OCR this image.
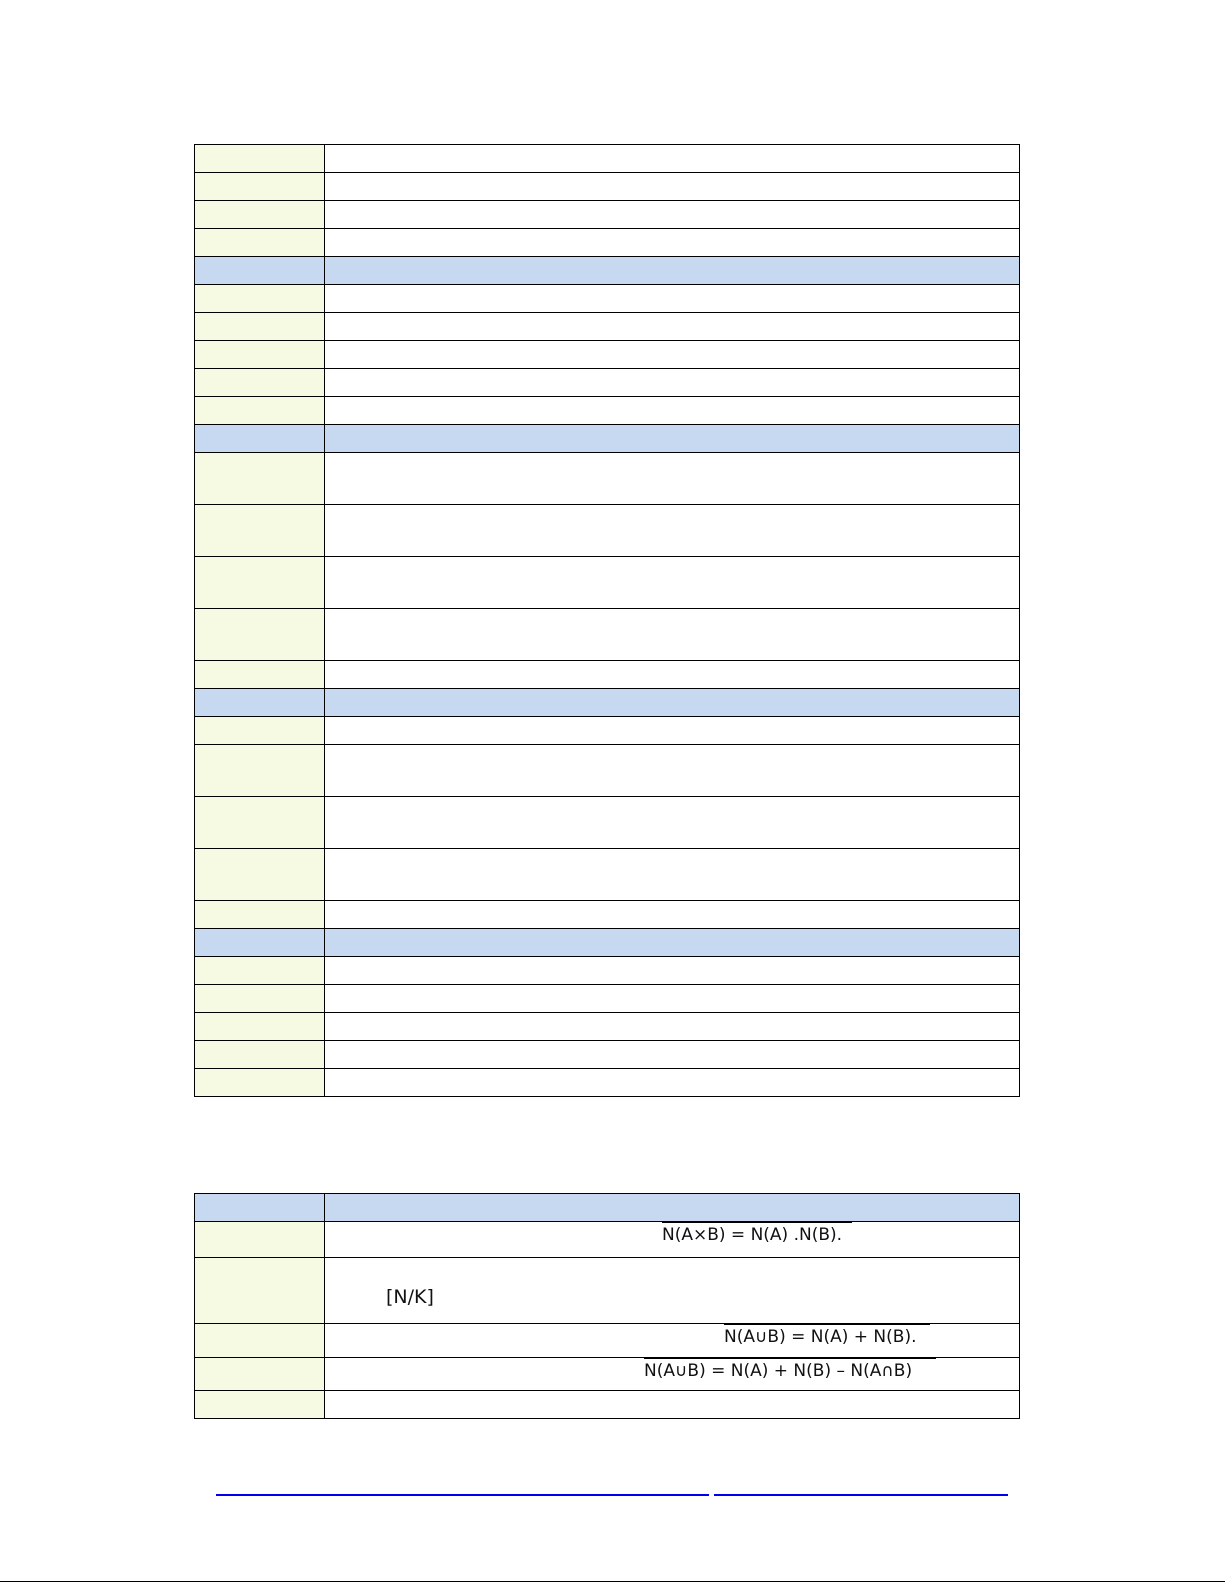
N(A×B) = N(A) .N(B).
[N/K]
N(A∪B) = N(A) + N(B).
N(A∪B) = N(A) + N(B) – N(A∩B)
